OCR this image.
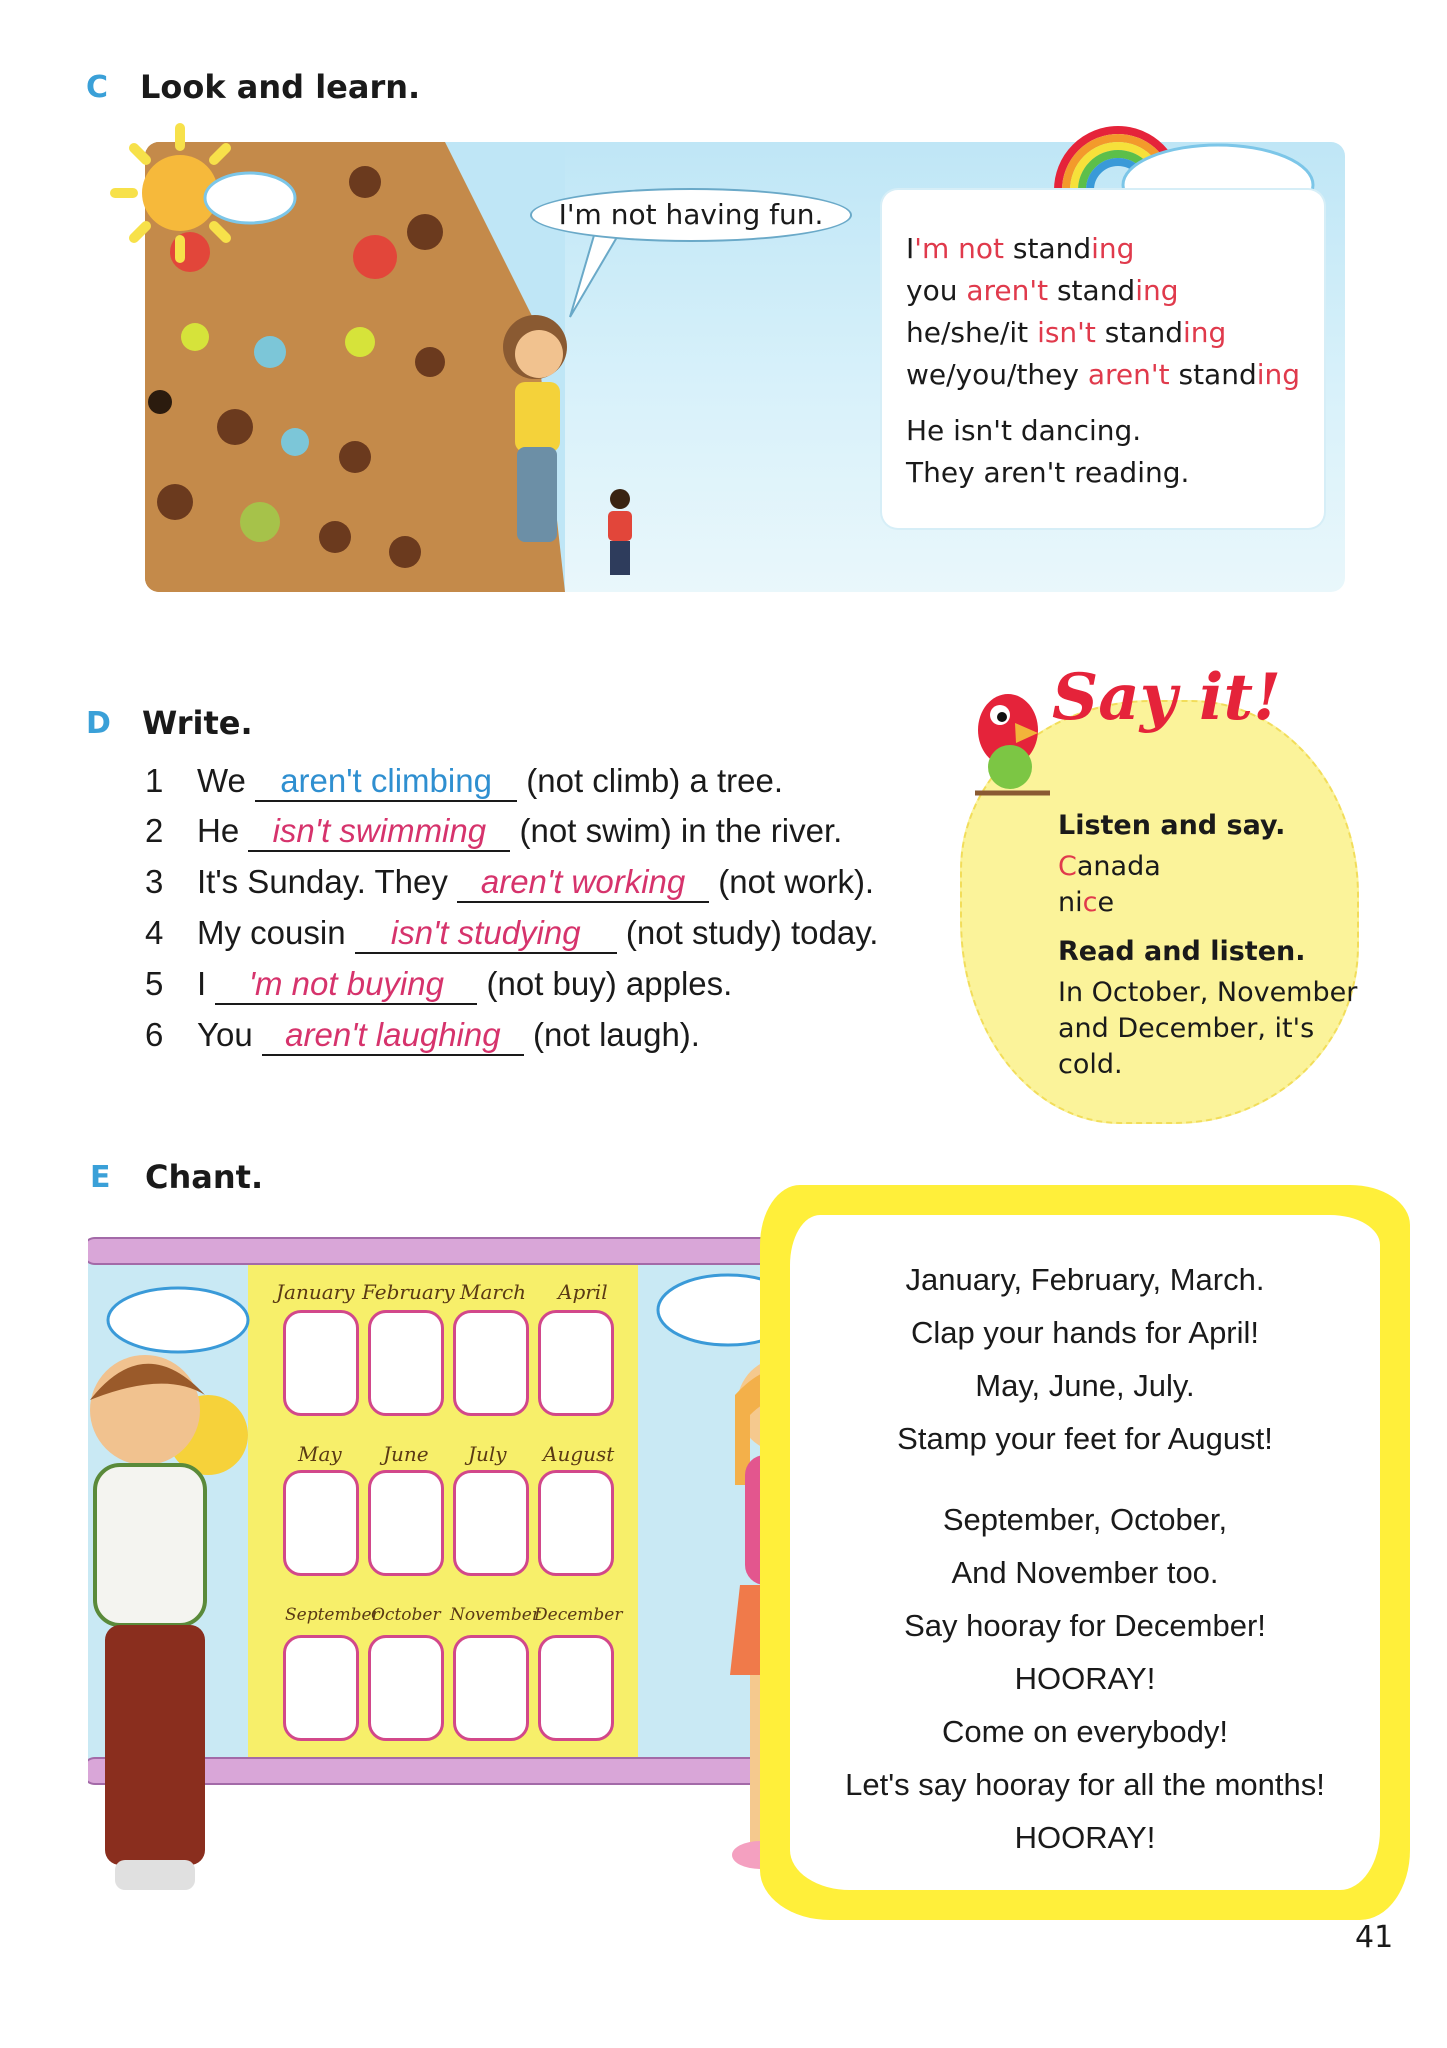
C Look and learn.
I'm not having fun.
I'm not standing
you aren't standing
he/she/it isn't standing
we/you/they aren't standing
He isn't dancing.
They aren't reading.
D Write.
1 We aren't climbing (not climb) a tree.
2 He isn't swimming (not swim) in the river.
3 It's Sunday. They aren't working (not work).
4 My cousin isn't studying (not study) today.
5 I 'm not buying (not buy) apples.
6 You aren't laughing (not laugh).
Say it!
Listen and say.
Canada
nice
Read and listen.
In October, November
and December, it's
cold.
E Chant.
January February March April
May June July August
September
October November
December
January, February, March.
Clap your hands for April!
May, June, July.
Stamp your feet for August!
September, October,
And November too.
Say hooray for December!
HOORAY!
Come on everybody!
Let's say hooray for all the months!
HOORAY!
41
